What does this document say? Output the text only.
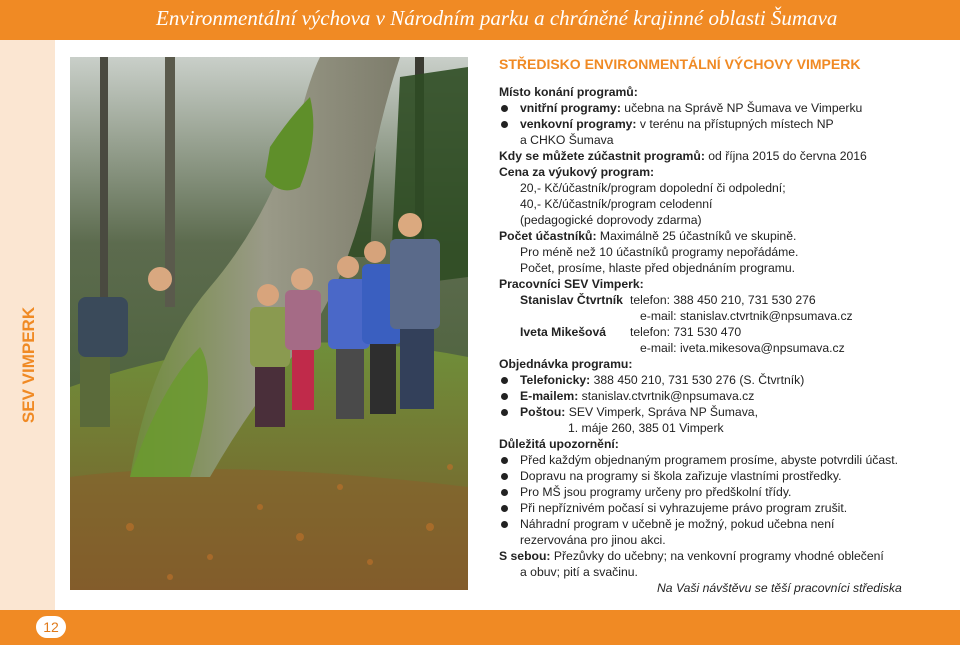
Environmentální výchova v Národním parku a chráněné krajinné oblasti Šumava
SEV VIMPERK
STŘEDISKO ENVIRONMENTÁLNÍ VÝCHOVY VIMPERK
Místo konání programů:
vnitřní programy: učebna na Správě NP Šumava ve Vimperku
venkovní programy: v terénu na přístupných místech NP
a CHKO Šumava
Kdy se můžete zúčastnit programů: od října 2015 do června 2016
Cena za výukový program:
20,- Kč/účastník/program dopolední či odpolední;
40,- Kč/účastník/program celodenní
(pedagogické doprovody zdarma)
Počet účastníků: Maximálně 25 účastníků ve skupině.
Pro méně než 10 účastníků programy nepořádáme.
Počet, prosíme, hlaste před objednáním programu.
Pracovníci SEV Vimperk:
Stanislav Čtvrtník telefon: 388 450 210, 731 530 276
e-mail: stanislav.ctvrtnik@npsumava.cz
Iveta Mikešová telefon: 731 530 470
e-mail: iveta.mikesova@npsumava.cz
Objednávka programu:
Telefonicky: 388 450 210, 731 530 276 (S. Čtvrtník)
E-mailem: stanislav.ctvrtnik@npsumava.cz
Poštou: SEV Vimperk, Správa NP Šumava,
1. máje 260, 385 01 Vimperk
Důležitá upozornění:
Před každým objednaným programem prosíme, abyste potvrdili účast.
Dopravu na programy si škola zařizuje vlastními prostředky.
Pro MŠ jsou programy určeny pro předškolní třídy.
Při nepříznivém počasí si vyhrazujeme právo program zrušit.
Náhradní program v učebně je možný, pokud učebna není
rezervována pro jinou akci.
S sebou: Přezůvky do učebny; na venkovní programy vhodné oblečení
a obuv; pití a svačinu.
Na Vaši návštěvu se těší pracovníci střediska
12
